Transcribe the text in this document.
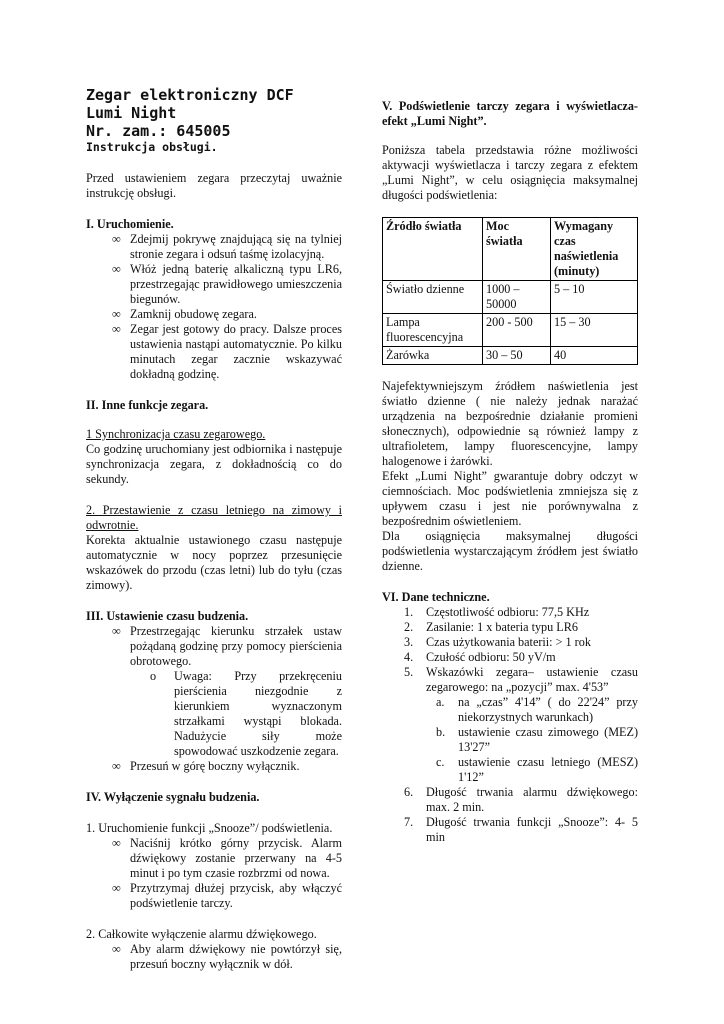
Zegar elektroniczny DCF
Lumi Night
Nr. zam.: 645005
Instrukcja obsługi.

Przed ustawieniem zegara przeczytaj uważnie instrukcję obsługi.

I. Uruchomienie.
∞ Zdejmij pokrywę znajdującą się na tylniej stronie zegara i odsuń taśmę izolacyjną.
∞ Włóż jedną baterię alkaliczną typu LR6, przestrzegając prawidłowego umieszczenia biegunów.
∞ Zamknij obudowę zegara.
∞ Zegar jest gotowy do pracy. Dalsze proces ustawienia nastąpi automatycznie. Po kilku minutach zegar zacznie wskazywać dokładną godzinę.
II. Inne funkcje zegara.
1 Synchronizacja czasu zegarowego.

Co godzinę uruchomiany jest odbiornika i następuje synchronizacja zegara, z dokładnością co do sekundy.

2. Przestawienie z czasu letniego na zimowy i odwrotnie.

Korekta aktualnie ustawionego czasu następuje automatycznie w nocy poprzez przesunięcie wskazówek do przodu (czas letni) lub do tyłu (czas zimowy).

III. Ustawienie czasu budzenia.
∞ Przestrzegając kierunku strzałek ustaw pożądaną godzinę przy pomocy pierścienia obrotowego.
o Uwaga: Przy przekręceniu pierścienia niezgodnie z kierunkiem wyznaczonym strzałkami wystąpi blokada. Nadużycie siły może spowodować uszkodzenie zegara.
∞ Przesuń w górę boczny wyłącznik.
IV. Wyłączenie sygnału budzenia.
1. Uruchomienie funkcji „Snooze”/ podświetlenia.
∞ Naciśnij krótko górny przycisk. Alarm dźwiękowy zostanie przerwany na 4-5 minut i po tym czasie rozbrzmi od nowa.
∞ Przytrzymaj dłużej przycisk, aby włączyć podświetlenie tarczy.
2. Całkowite wyłączenie alarmu dźwiękowego.
∞ Aby alarm dźwiękowy nie powtórzył się, przesuń boczny wyłącznik w dół.

V. Podświetlenie tarczy zegara i wyświetlacza- efekt „Lumi Night”.

Poniższa tabela przedstawia różne możliwości aktywacji wyświetlacza i tarczy zegara z efektem „Lumi Night”, w celu osiągnięcia maksymalnej długości podświetlenia:

Źródło światła	Moc światła	Wymagany czas naświetlenia (minuty)
Światło dzienne	1000 – 50000	5 – 10
Lampa fluorescencyjna	200 - 500	15 – 30
Żarówka	30 – 50	40

Najefektywniejszym źródłem naświetlenia jest światło dzienne ( nie należy jednak narażać urządzenia na bezpośrednie działanie promieni słonecznych), odpowiednie są również lampy z ultrafioletem, lampy fluorescencyjne, lampy halogenowe i żarówki.

Efekt „Lumi Night” gwarantuje dobry odczyt w ciemnościach. Moc podświetlenia zmniejsza się z upływem czasu i jest nie porównywalna z bezpośrednim oświetleniem.

Dla osiągnięcia maksymalnej długości podświetlenia wystarczającym źródłem jest światło dzienne.

VI. Dane techniczne.
1. Częstotliwość odbioru: 77,5 KHz
2. Zasilanie: 1 x bateria typu LR6
3. Czas użytkowania baterii: > 1 rok
4. Czułość odbioru: 50 yV/m
5. Wskazówki zegara– ustawienie czasu zegarowego: na „pozycji” max. 4'53”
a. na „czas” 4'14” ( do 22'24” przy niekorzystnych warunkach)
b. ustawienie czasu zimowego (MEZ) 13'27”
c. ustawienie czasu letniego (MESZ) 1'12”
6. Długość trwania alarmu dźwiękowego: max. 2 min.
7. Długość trwania funkcji „Snooze”: 4- 5 min
